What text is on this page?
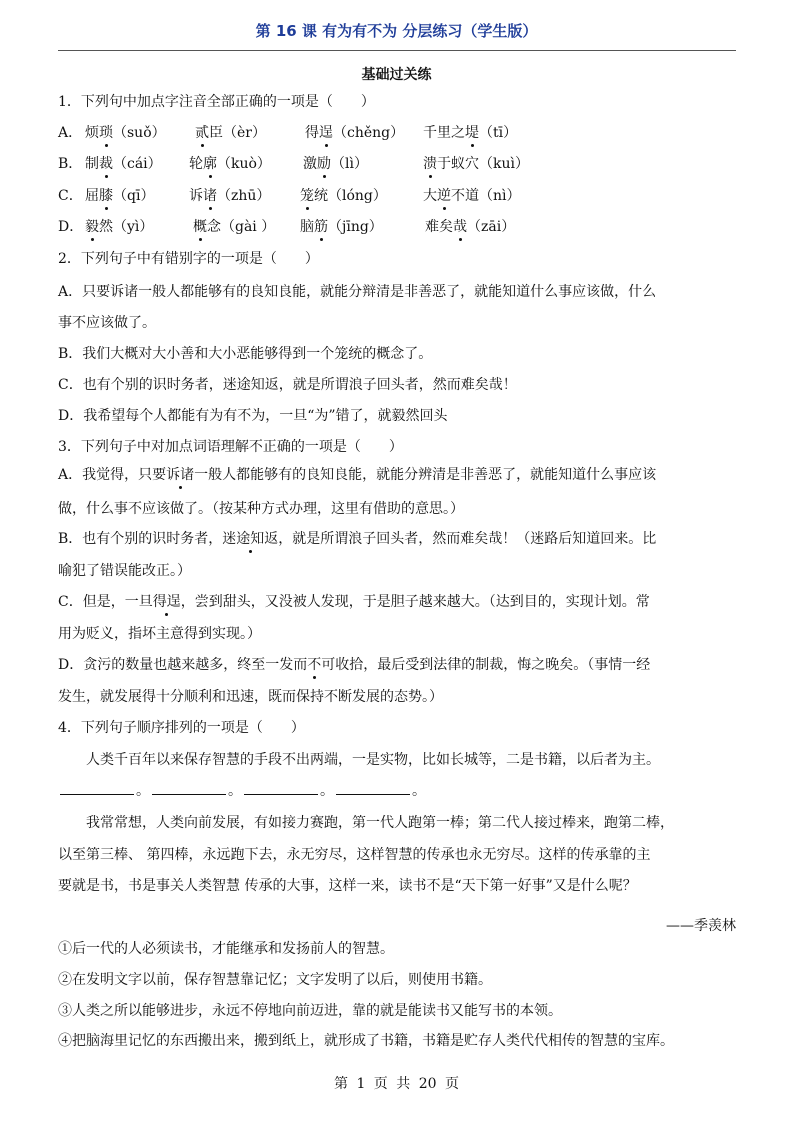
第 16 课 有为有不为 分层练习（学生版）
基础过关练
1．下列句中加点字注音全部正确的一项是（　　）
A． 烦琐（suǒ） 贰臣（èr）	得逞（chěng） 千里之堤（tī）
B． 制裁（cái） 轮廓（kuò） 激励（lì）	溃于蚁穴（kuì）
C． 屈膝（qī） 诉诸（zhū） 笼统（lóng）	大逆不道（nì）
D． 毅然（yì）	概念（gài ） 脑筋（jīng）	难矣哉（zāi）
2．下列句子中有错别字的一项是（　　）
A．只要诉诸一般人都能够有的良知良能，就能分辩清是非善恶了，就能知道什么事应该做，什么
事不应该做了。
B．我们大概对大小善和大小恶能够得到一个笼统的概念了。
C．也有个别的识时务者，迷途知返，就是所谓浪子回头者，然而难矣哉！
D．我希望每个人都能有为有不为，一旦“为”错了，就毅然回头
3．下列句子中对加点词语理解不正确的一项是（　　）
A．我觉得，只要诉诸一般人都能够有的良知良能，就能分辨清是非善恶了，就能知道什么事应该
做，什么事不应该做了。（按某种方式办理，这里有借助的意思。）
B．也有个别的识时务者，迷途知返，就是所谓浪子回头者，然而难矣哉！（迷路后知道回来。比
喻犯了错误能改正。）
C．但是，一旦得逞，尝到甜头，又没被人发现，于是胆子越来越大。（达到目的，实现计划。常
用为贬义，指坏主意得到实现。）
D．贪污的数量也越来越多，终至一发而不可收拾，最后受到法律的制裁，悔之晚矣。（事情一经
发生，就发展得十分顺利和迅速，既而保持不断发展的态势。）
4．下列句子顺序排列的一项是（　　）
人类千百年以来保存智慧的手段不出两端，一是实物，比如长城等，二是书籍，以后者为主。
。	。	。	。
我常常想，人类向前发展，有如接力赛跑，第一代人跑第一棒；第二代人接过棒来，跑第二棒，
以至第三棒、 第四棒，永远跑下去，永无穷尽，这样智慧的传承也永无穷尽。这样的传承靠的主
要就是书，书是事关人类智慧 传承的大事，这样一来，读书不是“天下第一好事”又是什么呢？
——季羡林
①后一代的人必须读书，才能继承和发扬前人的智慧。
②在发明文字以前，保存智慧靠记忆；文字发明了以后，则使用书籍。
③人类之所以能够进步，永远不停地向前迈进，靠的就是能读书又能写书的本领。
④把脑海里记忆的东西搬出来，搬到纸上，就形成了书籍，书籍是贮存人类代代相传的智慧的宝库。
第 1 页 共 20 页
